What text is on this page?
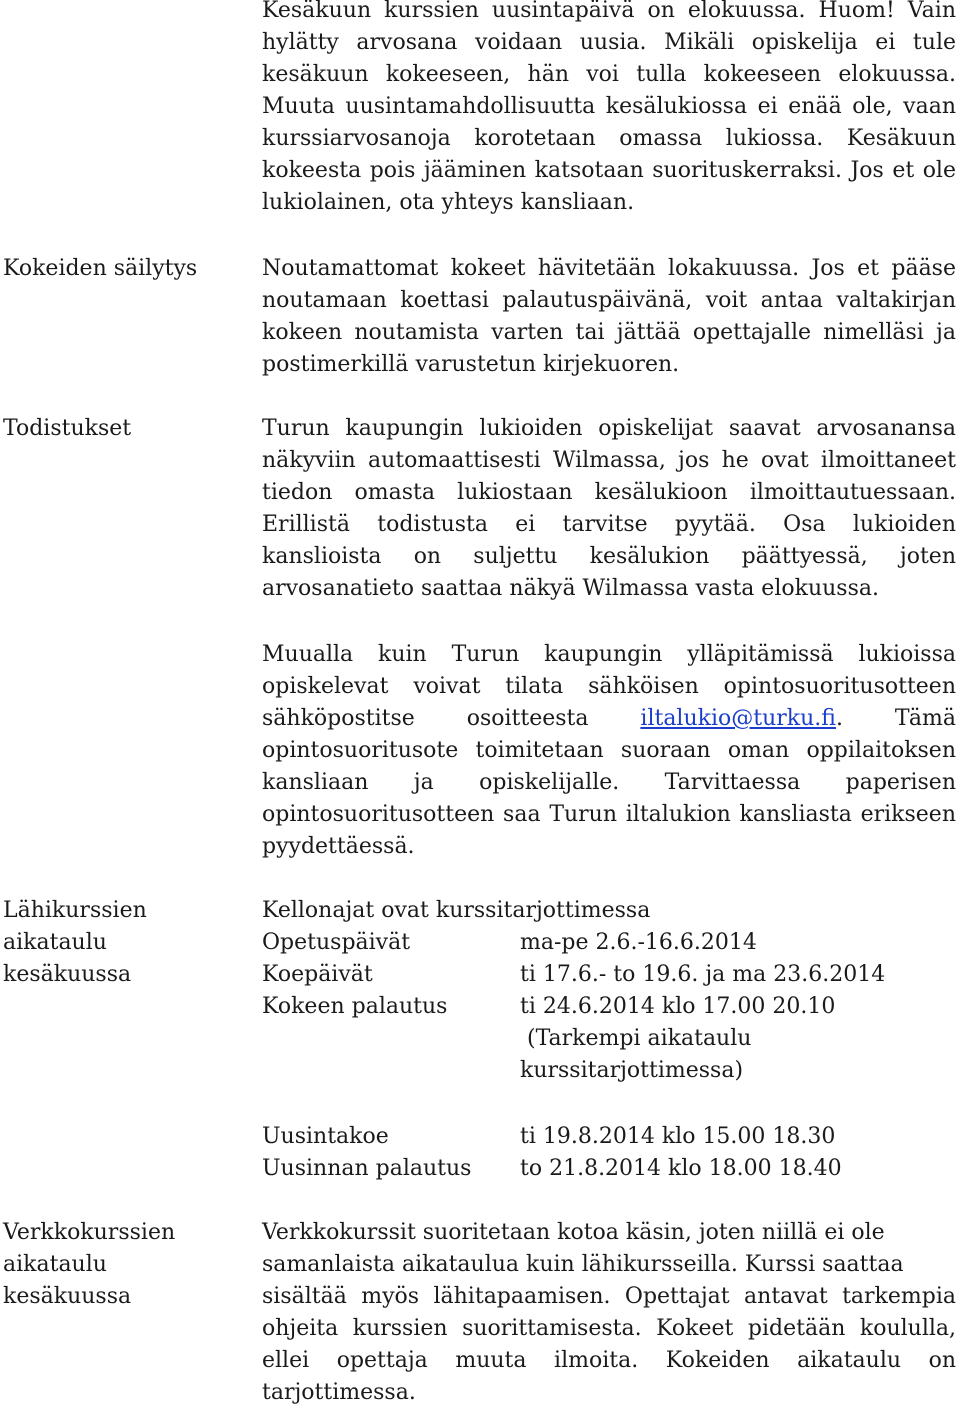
Kesäkuun kurssien uusintapäivä on elokuussa. Huom! Vain hylätty arvosana voidaan uusia. Mikäli opiskelija ei tule kesäkuun kokeeseen, hän voi tulla kokeeseen elokuussa. Muuta uusintamahdollisuutta kesälukiossa ei enää ole, vaan kurssiarvosanoja korotetaan omassa lukiossa. Kesäkuun kokeesta pois jääminen katsotaan suorituskerraksi. Jos et ole lukiolainen, ota yhteys kansliaan.

Kokeiden säilytys	Noutamattomat kokeet hävitetään lokakuussa. Jos et pääse noutamaan koettasi palautuspäivänä, voit antaa valtakirjan kokeen noutamista varten tai jättää opettajalle nimelläsi ja postimerkillä varustetun kirjekuoren.

Todistukset	Turun kaupungin lukioiden opiskelijat saavat arvosanansa näkyviin automaattisesti Wilmassa, jos he ovat ilmoittaneet tiedon omasta lukiostaan kesälukioon ilmoittautuessaan. Erillistä todistusta ei tarvitse pyytää. Osa lukioiden kanslioista on suljettu kesälukion päättyessä, joten arvosanatieto saattaa näkyä Wilmassa vasta elokuussa.

Muualla kuin Turun kaupungin ylläpitämissä lukioissa opiskelevat voivat tilata sähköisen opintosuoritusotteen sähköpostitse osoitteesta iltalukio@turku.fi. Tämä opintosuoritusote toimitetaan suoraan oman oppilaitoksen kansliaan ja opiskelijalle. Tarvittaessa paperisen opintosuoritusotteen saa Turun iltalukion kansliasta erikseen pyydettäessä.

Lähikurssien
aikataulu
kesäkuussa
Kellonajat ovat kurssitarjottimessa
Opetuspäivät	ma-pe 2.6.-16.6.2014
Koepäivät	ti 17.6.- to 19.6. ja ma 23.6.2014
Kokeen palautus	ti 24.6.2014 klo 17.00 20.10
(Tarkempi aikataulu
kurssitarjottimessa)
Uusintakoe	ti 19.8.2014 klo 15.00 18.30
Uusinnan palautus to 21.8.2014 klo 18.00 18.40
Verkkokurssien
aikataulu
kesäkuussa
Verkkokurssit suoritetaan kotoa käsin, joten niillä ei ole
samanlaista aikataulua kuin lähikursseilla. Kurssi saattaa

sisältää myös lähitapaamisen. Opettajat antavat tarkempia ohjeita kurssien suorittamisesta. Kokeet pidetään koululla, ellei opettaja muuta ilmoita. Kokeiden aikataulu on tarjottimessa.
